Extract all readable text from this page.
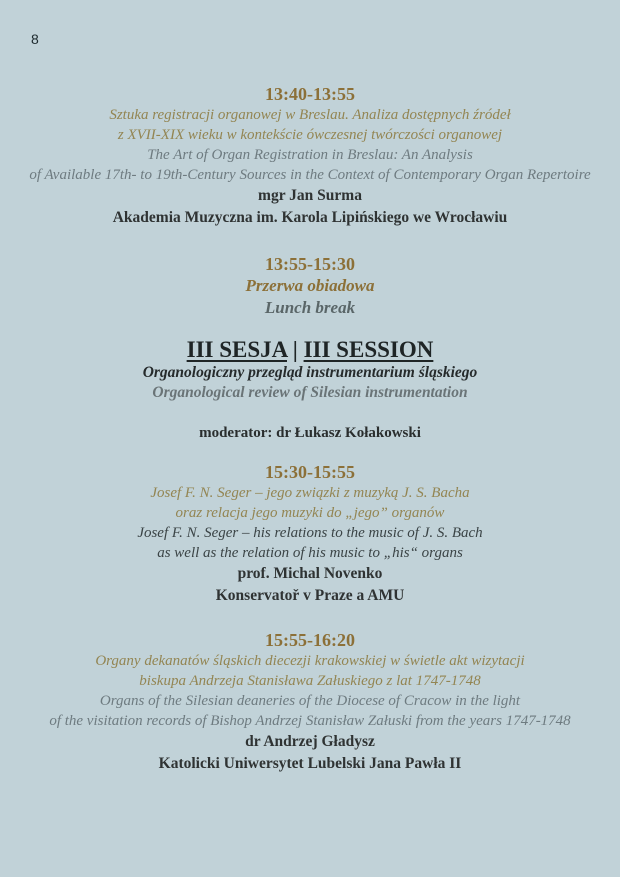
8
13:40-13:55
Sztuka registracji organowej w Breslau. Analiza dostępnych źródeł
z XVII-XIX wieku w kontekście ówczesnej twórczości organowej
The Art of Organ Registration in Breslau: An Analysis
of Available 17th- to 19th-Century Sources in the Context of Contemporary Organ Repertoire
mgr Jan Surma
Akademia Muzyczna im. Karola Lipińskiego we Wrocławiu
13:55-15:30
Przerwa obiadowa
Lunch break
III SESJA | III SESSION
Organologiczny przegląd instrumentarium śląskiego
Organological review of Silesian instrumentation
moderator: dr Łukasz Kołakowski
15:30-15:55
Josef F. N. Seger – jego związki z muzyką J. S. Bacha
oraz relacja jego muzyki do „jego” organów
Josef F. N. Seger – his relations to the music of J. S. Bach
as well as the relation of his music to „his“ organs
prof. Michal Novenko
Konservatoř v Praze a AMU
15:55-16:20
Organy dekanatów śląskich diecezji krakowskiej w świetle akt wizytacji
biskupa Andrzeja Stanisława Załuskiego z lat 1747-1748
Organs of the Silesian deaneries of the Diocese of Cracow in the light
of the visitation records of Bishop Andrzej Stanisław Załuski from the years 1747-1748
dr Andrzej Gładysz
Katolicki Uniwersytet Lubelski Jana Pawła II
